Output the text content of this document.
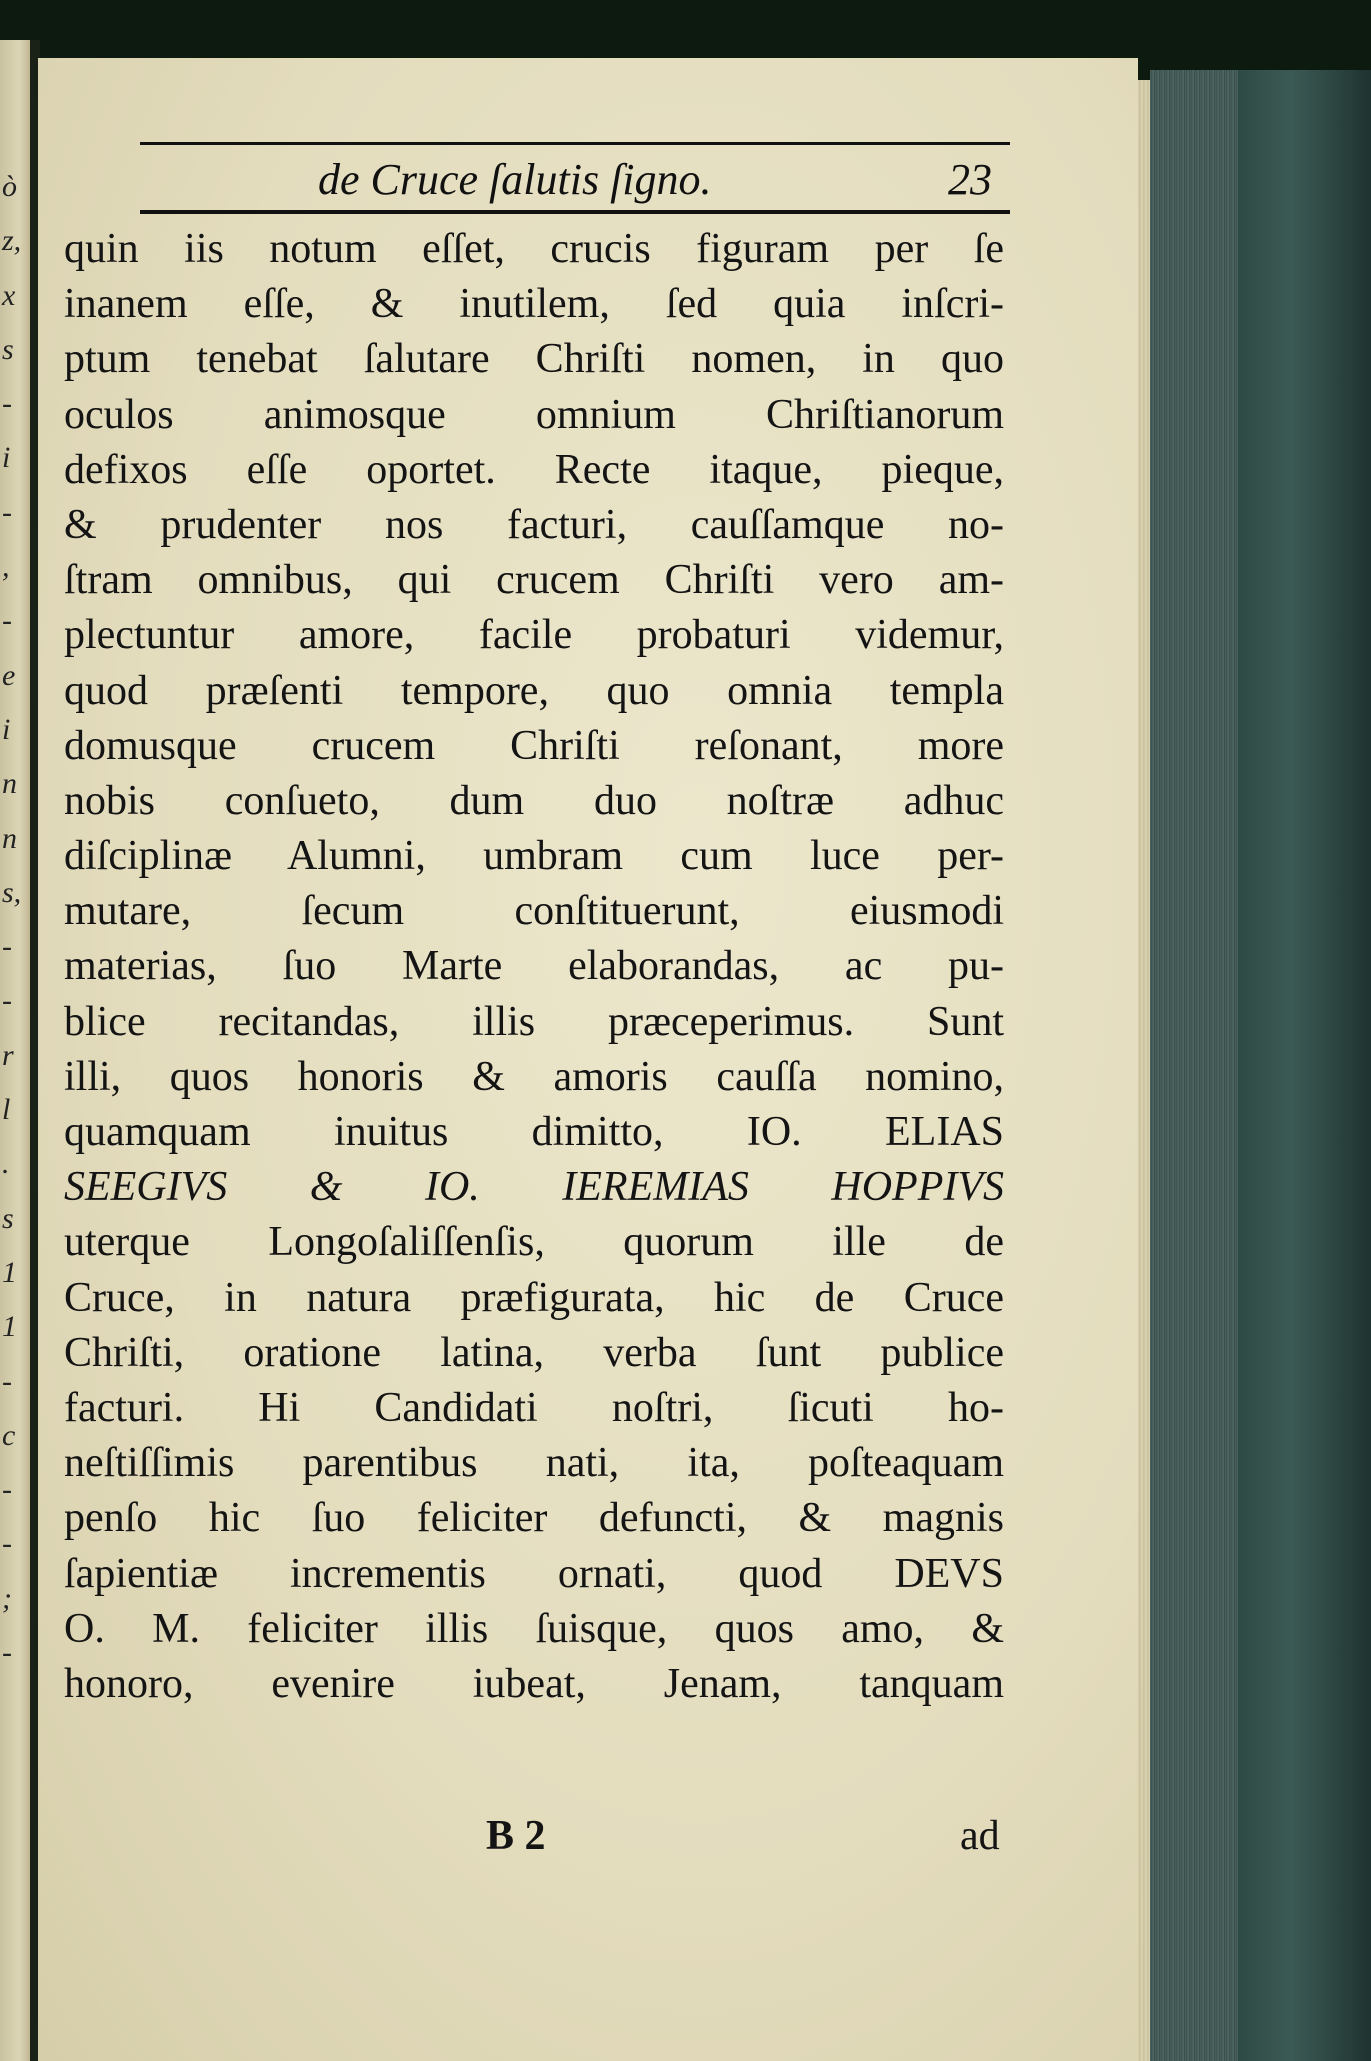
ò
z,
x
s
-
i
-
,
-
e
i
n
n
s,
-
-
r
l
.
s
1
1
-
c
-
-
;
-
de Cruce ſalutis ſigno.	23
quin iis notum eſſet, crucis figuram per ſe
inanem eſſe, & inutilem, ſed quia inſcri-
ptum tenebat ſalutare Chriſti nomen, in quo
oculos animosque omnium Chriſtianorum
defixos eſſe oportet. Recte itaque, pieque,
& prudenter nos facturi, cauſſamque no-
ſtram omnibus, qui crucem Chriſti vero am-
plectuntur amore, facile probaturi videmur,
quod præſenti tempore, quo omnia templa
domusque crucem Chriſti reſonant, more
nobis conſueto, dum duo noſtræ adhuc
diſciplinæ Alumni, umbram cum luce per-
mutare, ſecum conſtituerunt, eiusmodi
materias, ſuo Marte elaborandas, ac pu-
blice recitandas, illis præceperimus. Sunt
illi, quos honoris & amoris cauſſa nomino,
quamquam inuitus dimitto, IO. ELIAS
SEEGIVS & IO. IEREMIAS HOPPIVS
uterque Longoſaliſſenſis, quorum ille de
Cruce, in natura præfigurata, hic de Cruce
Chriſti, oratione latina, verba ſunt publice
facturi. Hi Candidati noſtri, ſicuti ho-
neſtiſſimis parentibus nati, ita, poſteaquam
penſo hic ſuo feliciter defuncti, & magnis
ſapientiæ incrementis ornati, quod DEVS
O. M. feliciter illis ſuisque, quos amo, &
honoro, evenire iubeat, Jenam, tanquam
B 2	ad
